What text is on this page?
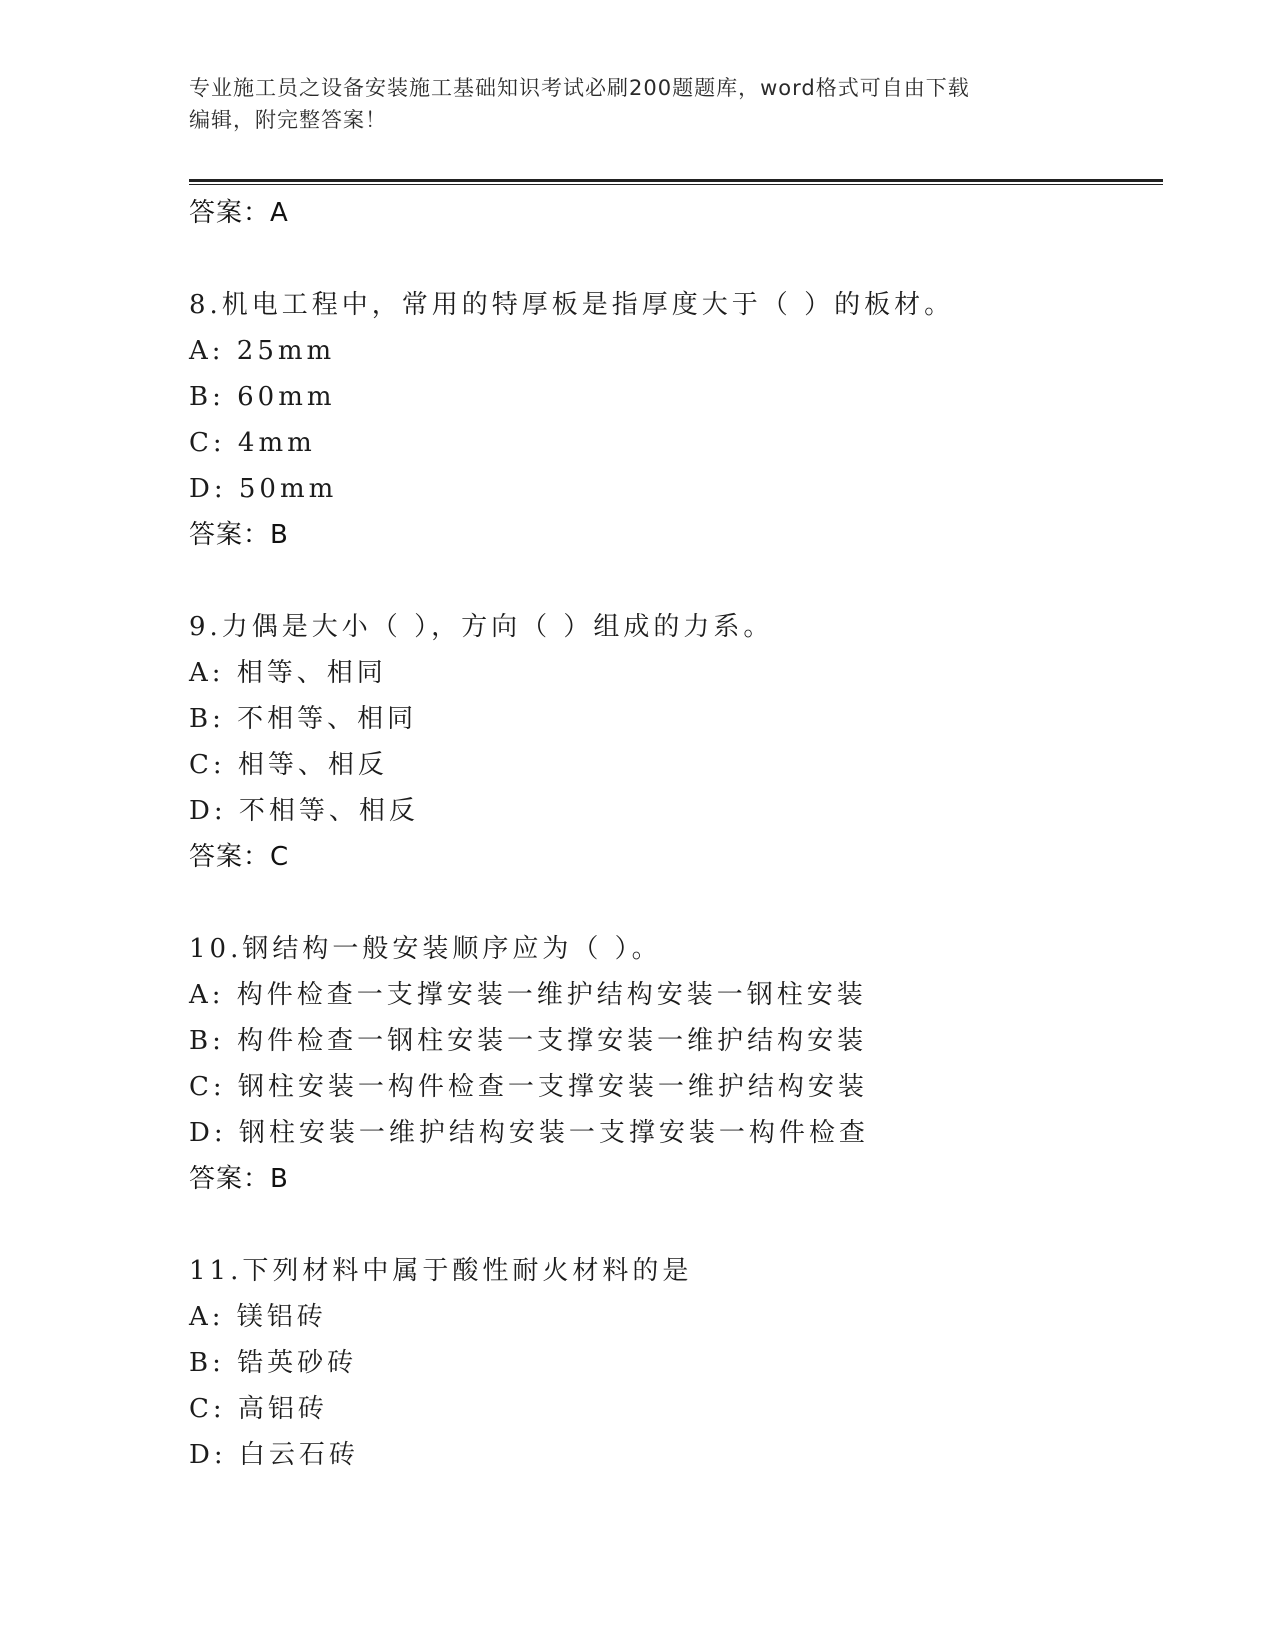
专业施工员之设备安装施工基础知识考试必刷200题题库，word格式可自由下载
编辑，附完整答案！
答案：A
8.机电工程中，常用的特厚板是指厚度大于（ ）的板材。
A: 25mm
B: 60mm
C: 4mm
D: 50mm
答案：B
9.力偶是大小（ ），方向（ ）组成的力系。
A: 相等、相同
B: 不相等、相同
C: 相等、相反
D: 不相等、相反
答案：C
10.钢结构一般安装顺序应为（ ）。
A: 构件检查一支撑安装一维护结构安装一钢柱安装
B: 构件检查一钢柱安装一支撑安装一维护结构安装
C: 钢柱安装一构件检查一支撑安装一维护结构安装
D: 钢柱安装一维护结构安装一支撑安装一构件检查
答案：B
11.下列材料中属于酸性耐火材料的是
A: 镁铝砖
B: 锆英砂砖
C: 高铝砖
D: 白云石砖
